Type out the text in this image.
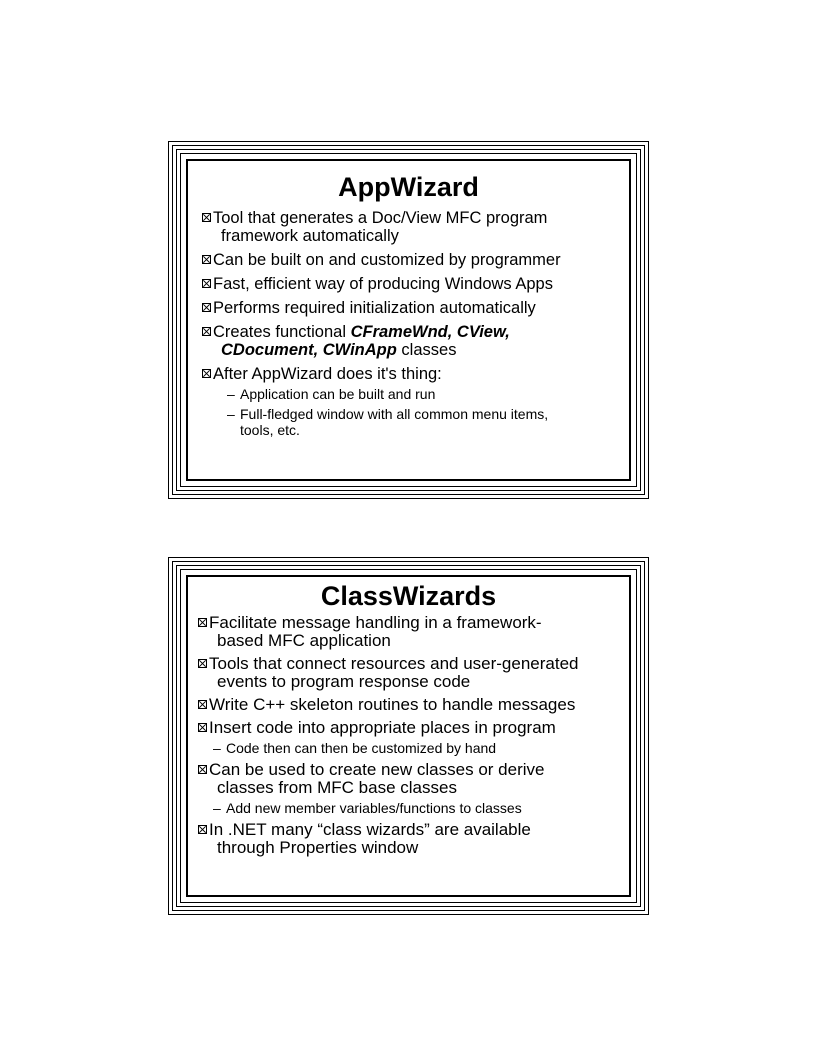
AppWizard
Tool that generates a Doc/View MFC program
framework automatically
Can be built on and customized by programmer
Fast, efficient way of producing Windows Apps
Performs required initialization automatically
Creates functional CFrameWnd, CView,
CDocument, CWinApp classes
After AppWizard does it's thing:
– Application can be built and run
– Full-fledged window with all common menu items,
tools, etc.
ClassWizards
Facilitate message handling in a framework-
based MFC application
Tools that connect resources and user-generated
events to program response code
Write C++ skeleton routines to handle messages
Insert code into appropriate places in program
– Code then can then be customized by hand
Can be used to create new classes or derive
classes from MFC base classes
– Add new member variables/functions to classes
In .NET many “class wizards” are available
through Properties window
